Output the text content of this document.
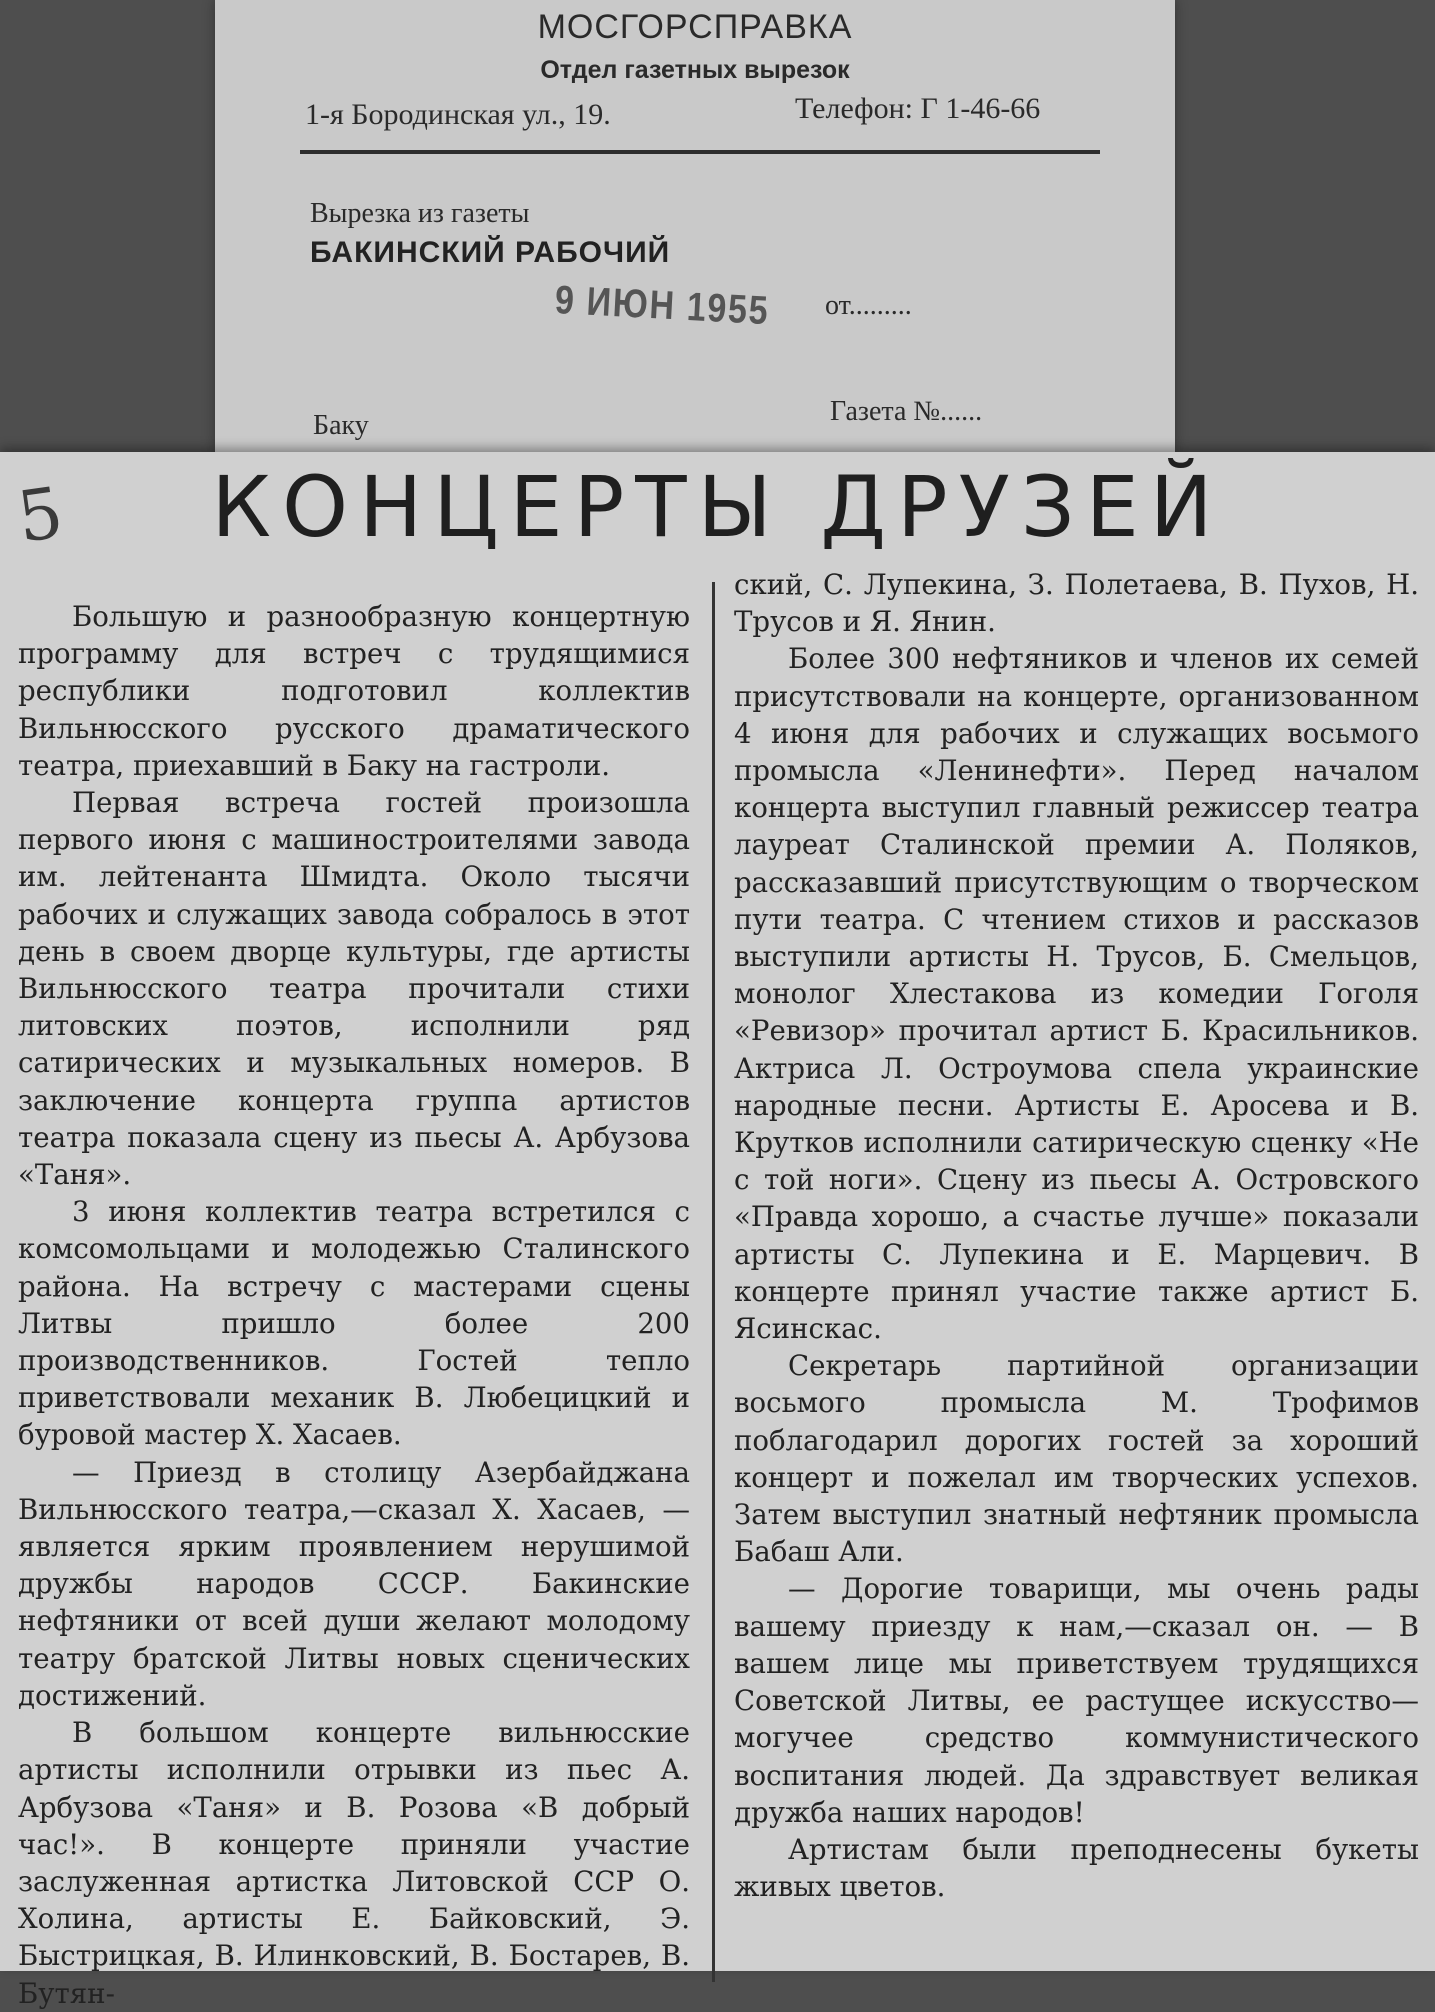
МОСГОРСПРАВКА
Отдел газетных вырезок
1-я Бородинская ул., 19.	Телефон: Г 1-46-66
Вырезка из газеты
БАКИНСКИЙ РАБОЧИЙ
9 ИЮН 1955 от.........
Баку	Газета №......
5	КОНЦЕРТЫ ДРУЗЕЙ

Большую и разнообразную концертную программу для встреч с трудящимися республики подготовил коллектив Вильнюсского русского драматического театра, приехавший в Баку на гастроли.

Первая встреча гостей произошла первого июня с машиностроителями завода им. лейтенанта Шмидта. Около тысячи рабочих и служащих завода собралось в этот день в своем дворце культуры, где артисты Вильнюсского театра прочитали стихи литовских поэтов, исполнили ряд сатирических и музыкальных номеров. В заключение концерта группа артистов театра показала сцену из пьесы А. Арбузова «Таня».

3 июня коллектив театра встретился с комсомольцами и молодежью Сталинского района. На встречу с мастерами сцены Литвы пришло более 200 производственников. Гостей тепло приветствовали механик В. Любецицкий и буровой мастер Х. Хасаев.

— Приезд в столицу Азербайджана Вильнюсского театра,—сказал Х. Хасаев, —является ярким проявлением нерушимой дружбы народов СССР. Бакинские нефтяники от всей души желают молодому театру братской Литвы новых сценических достижений.

В большом концерте вильнюсские артисты исполнили отрывки из пьес А. Арбузова «Таня» и В. Розова «В добрый час!». В концерте приняли участие заслуженная артистка Литовской ССР О. Холина, артисты Е. Байковский, Э. Быстрицкая, В. Илинковский, В. Бостарев, В. Бутян-

ский, С. Лупекина, З. Полетаева, В. Пухов, Н. Трусов и Я. Янин.

Более 300 нефтяников и членов их семей присутствовали на концерте, организованном 4 июня для рабочих и служащих восьмого промысла «Ленинефти». Перед началом концерта выступил главный режиссер театра лауреат Сталинской премии А. Поляков, рассказавший присутствующим о творческом пути театра. С чтением стихов и рассказов выступили артисты Н. Трусов, Б. Смельцов, монолог Хлестакова из комедии Гоголя «Ревизор» прочитал артист Б. Красильников. Актриса Л. Остроумова спела украинские народные песни. Артисты Е. Аросева и В. Крутков исполнили сатирическую сценку «Не с той ноги». Сцену из пьесы А. Островского «Правда хорошо, а счастье лучше» показали артисты С. Лупекина и Е. Марцевич. В концерте принял участие также артист Б. Ясинскас.

Секретарь партийной организации восьмого промысла М. Трофимов поблагодарил дорогих гостей за хороший концерт и пожелал им творческих успехов. Затем выступил знатный нефтяник промысла Бабаш Али.

— Дорогие товарищи, мы очень рады вашему приезду к нам,—сказал он. — В вашем лице мы приветствуем трудящихся Советской Литвы, ее растущее искусство—могучее средство коммунистического воспитания людей. Да здравствует великая дружба наших народов!

Артистам были преподнесены букеты живых цветов.
